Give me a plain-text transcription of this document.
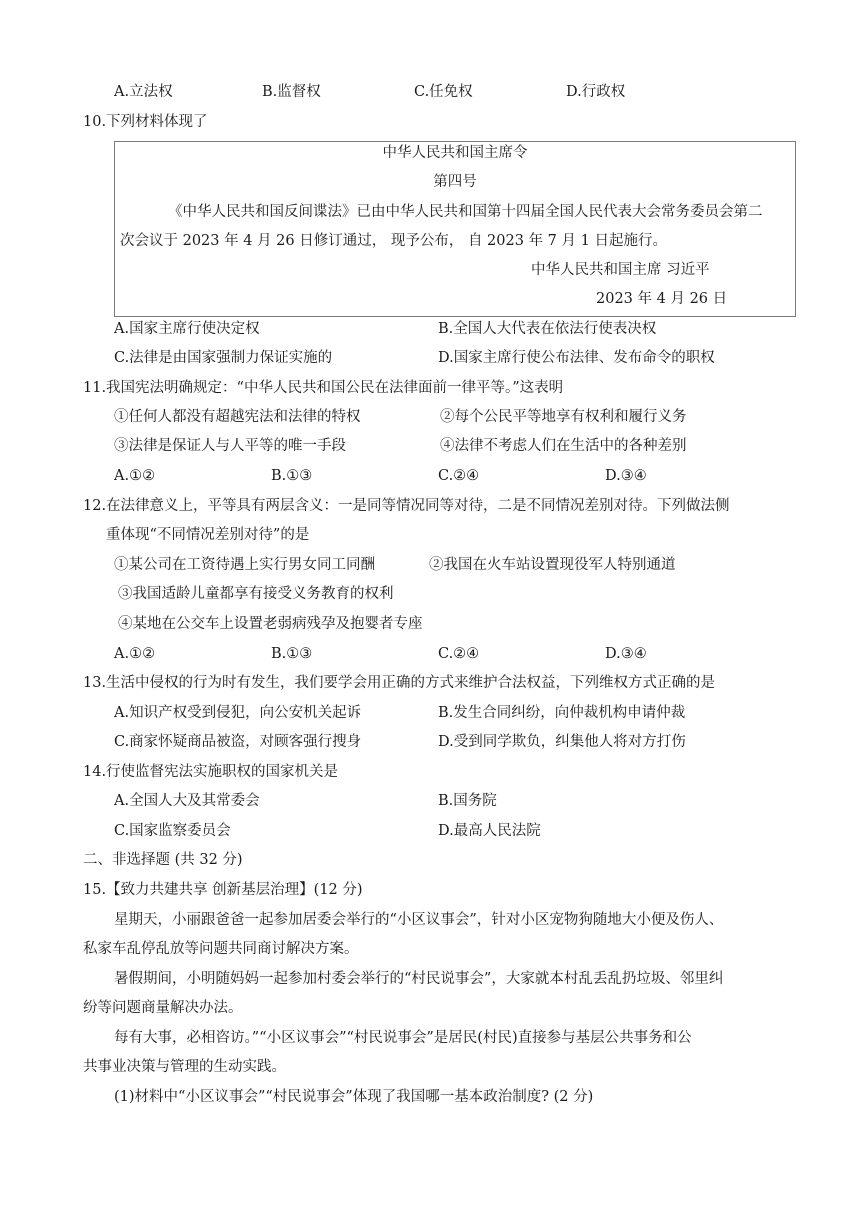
A.立法权	B.监督权	C.任免权	D.行政权
10.下列材料体现了
中华人民共和国主席令
第四号
《中华人民共和国反间谍法》已由中华人民共和国第十四届全国人民代表大会常务委员会第二
次会议于 2023 年 4 月 26 日修订通过， 现予公布， 自 2023 年 7 月 1 日起施行。
中华人民共和国主席 习近平
2023 年 4 月 26 日
A.国家主席行使决定权	B.全国人大代表在依法行使表决权
C.法律是由国家强制力保证实施的	D.国家主席行使公布法律、发布命令的职权
11.我国宪法明确规定：“中华人民共和国公民在法律面前一律平等。”这表明
①任何人都没有超越宪法和法律的特权	②每个公民平等地享有权利和履行义务
③法律是保证人与人平等的唯一手段	④法律不考虑人们在生活中的各种差别
A.①②	B.①③	C.②④	D.③④
12.在法律意义上，平等具有两层含义：一是同等情况同等对待，二是不同情况差别对待。下列做法侧
重体现“不同情况差别对待”的是
①某公司在工资待遇上实行男女同工同酬	②我国在火车站设置现役军人特别通道
③我国适龄儿童都享有接受义务教育的权利
④某地在公交车上设置老弱病残孕及抱婴者专座
A.①②	B.①③	C.②④	D.③④
13.生活中侵权的行为时有发生，我们要学会用正确的方式来维护合法权益，下列维权方式正确的是
A.知识产权受到侵犯，向公安机关起诉	B.发生合同纠纷，向仲裁机构申请仲裁
C.商家怀疑商品被盗，对顾客强行搜身	D.受到同学欺负，纠集他人将对方打伤
14.行使监督宪法实施职权的国家机关是
A.全国人大及其常委会	B.国务院
C.国家监察委员会	D.最高人民法院
二、非选择题 (共 32 分)
15.【致力共建共享 创新基层治理】(12 分)
星期天，小丽跟爸爸一起参加居委会举行的“小区议事会”，针对小区宠物狗随地大小便及伤人、
私家车乱停乱放等问题共同商讨解决方案。
暑假期间，小明随妈妈一起参加村委会举行的“村民说事会”，大家就本村乱丢乱扔垃圾、邻里纠
纷等问题商量解决办法。
每有大事，必相咨访。”“小区议事会”“村民说事会”是居民(村民)直接参与基层公共事务和公
共事业决策与管理的生动实践。
(1)材料中“小区议事会”“村民说事会”体现了我国哪一基本政治制度? (2 分)
